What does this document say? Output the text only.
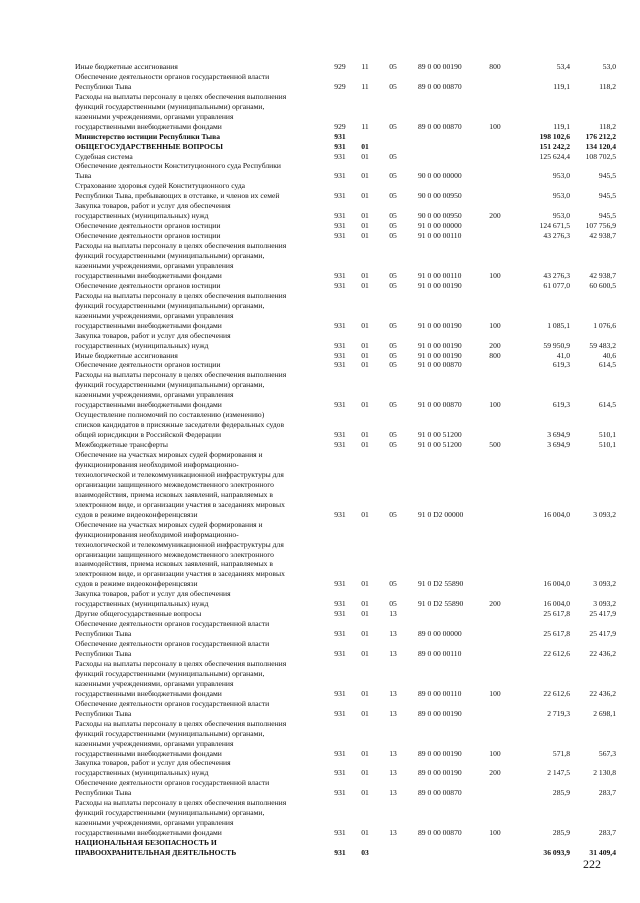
Иные бюджетные ассигнования	929	11	05	89 0 00 00190	800	53,4	53,0
Обеспечение деятельности органов государственной власти
Республики Тыва	929	11	05	89 0 00 00870	119,1	118,2
Расходы на выплаты персоналу в целях обеспечения выполнения
функций государственными (муниципальными) органами,
казенными учреждениями, органами управления
государственными внебюджетными фондами	929	11	05	89 0 00 00870	100	119,1	118,2
Министерство юстиции Республики Тыва	931	198 102,6	176 212,2
ОБЩЕГОСУДАРСТВЕННЫЕ ВОПРОСЫ	931	01	151 242,2	134 120,4
Судебная система	931	01	05	125 624,4	108 702,5
Обеспечение деятельности Конституционного суда Республики
Тыва	931	01	05	90 0 00 00000	953,0	945,5
Страхование здоровья судей Конституционного суда
Республики Тыва, пребывающих в отставке, и членов их семей	931	01	05	90 0 00 00950	953,0	945,5
Закупка товаров, работ и услуг для обеспечения
государственных (муниципальных) нужд	931	01	05	90 0 00 00950	200	953,0	945,5
Обеспечение деятельности органов юстиции	931	01	05	91 0 00 00000	124 671,5	107 756,9
Обеспечение деятельности органов юстиции	931	01	05	91 0 00 00110	43 276,3	42 938,7
Расходы на выплаты персоналу в целях обеспечения выполнения
функций государственными (муниципальными) органами,
казенными учреждениями, органами управления
государственными внебюджетными фондами	931	01	05	91 0 00 00110	100	43 276,3	42 938,7
Обеспечение деятельности органов юстиции	931	01	05	91 0 00 00190	61 077,0	60 600,5
Расходы на выплаты персоналу в целях обеспечения выполнения
функций государственными (муниципальными) органами,
казенными учреждениями, органами управления
государственными внебюджетными фондами	931	01	05	91 0 00 00190	100	1 085,1	1 076,6
Закупка товаров, работ и услуг для обеспечения
государственных (муниципальных) нужд	931	01	05	91 0 00 00190	200	59 950,9	59 483,2
Иные бюджетные ассигнования	931	01	05	91 0 00 00190	800	41,0	40,6
Обеспечение деятельности органов юстиции	931	01	05	91 0 00 00870	619,3	614,5
Расходы на выплаты персоналу в целях обеспечения выполнения
функций государственными (муниципальными) органами,
казенными учреждениями, органами управления
государственными внебюджетными фондами	931	01	05	91 0 00 00870	100	619,3	614,5
Осуществление полномочий по составлению (изменению)
списков кандидатов в присяжные заседатели федеральных судов
общей юрисдикции в Российской Федерации	931	01	05	91 0 00 51200	3 694,9	510,1
Межбюджетные трансферты	931	01	05	91 0 00 51200	500	3 694,9	510,1
Обеспечение на участках мировых судей формирования и
функционирования необходимой информационно-
технологической и телекоммуникационной инфраструктуры для
организации защищенного межведомственного электронного
взаимодействия, приема исковых заявлений, направляемых в
электронном виде, и организации участия в заседаниях мировых
судов в режиме видеоконференцсвязи	931	01	05	91 0 D2 00000	16 004,0	3 093,2
Обеспечение на участках мировых судей формирования и
функционирования необходимой информационно-
технологической и телекоммуникационной инфраструктуры для
организации защищенного межведомственного электронного
взаимодействия, приема исковых заявлений, направляемых в
электронном виде, и организации участия в заседаниях мировых
судов в режиме видеоконференцсвязи	931	01	05	91 0 D2 55890	16 004,0	3 093,2
Закупка товаров, работ и услуг для обеспечения
государственных (муниципальных) нужд	931	01	05	91 0 D2 55890	200	16 004,0	3 093,2
Другие общегосударственные вопросы	931	01	13	25 617,8	25 417,9
Обеспечение деятельности органов государственной власти
Республики Тыва	931	01	13	89 0 00 00000	25 617,8	25 417,9
Обеспечение деятельности органов государственной власти
Республики Тыва	931	01	13	89 0 00 00110	22 612,6	22 436,2
Расходы на выплаты персоналу в целях обеспечения выполнения
функций государственными (муниципальными) органами,
казенными учреждениями, органами управления
государственными внебюджетными фондами	931	01	13	89 0 00 00110	100	22 612,6	22 436,2
Обеспечение деятельности органов государственной власти
Республики Тыва	931	01	13	89 0 00 00190	2 719,3	2 698,1
Расходы на выплаты персоналу в целях обеспечения выполнения
функций государственными (муниципальными) органами,
казенными учреждениями, органами управления
государственными внебюджетными фондами	931	01	13	89 0 00 00190	100	571,8	567,3
Закупка товаров, работ и услуг для обеспечения
государственных (муниципальных) нужд	931	01	13	89 0 00 00190	200	2 147,5	2 130,8
Обеспечение деятельности органов государственной власти
Республики Тыва	931	01	13	89 0 00 00870	285,9	283,7
Расходы на выплаты персоналу в целях обеспечения выполнения
функций государственными (муниципальными) органами,
казенными учреждениями, органами управления
государственными внебюджетными фондами	931	01	13	89 0 00 00870	100	285,9	283,7
НАЦИОНАЛЬНАЯ БЕЗОПАСНОСТЬ И
ПРАВООХРАНИТЕЛЬНАЯ ДЕЯТЕЛЬНОСТЬ	931	03	36 093,9	31 409,4
222
